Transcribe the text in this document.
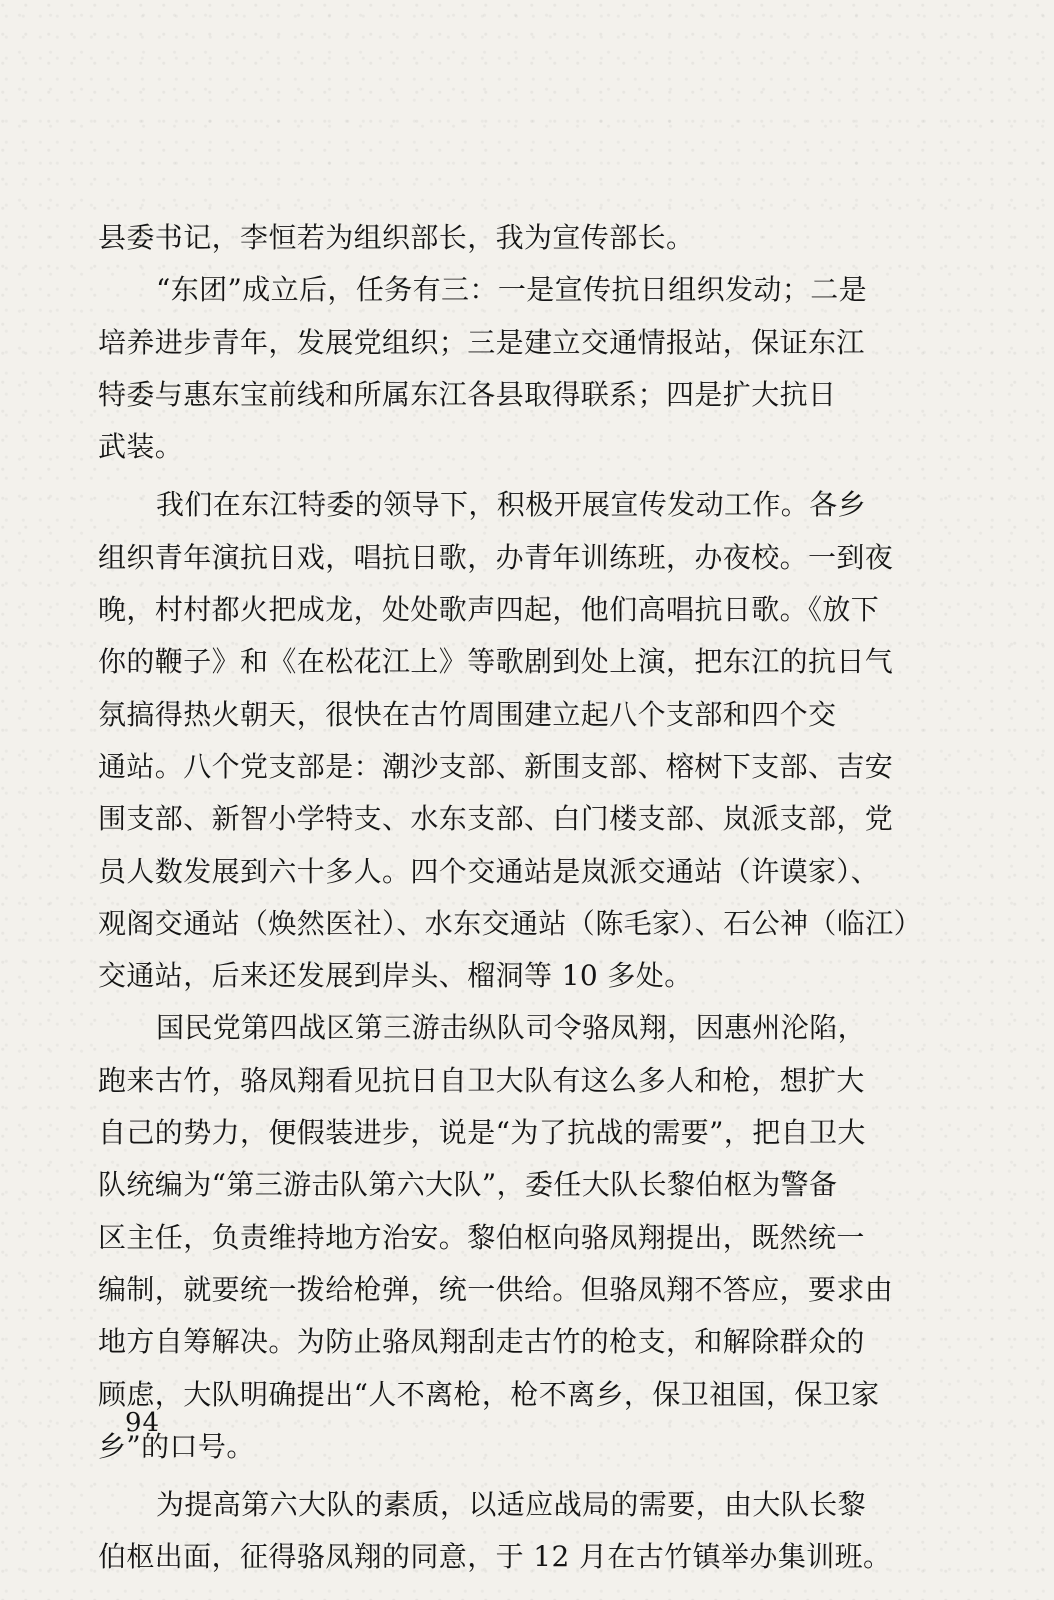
县委书记，李恒若为组织部长，我为宣传部长。
“东团”成立后，任务有三：一是宣传抗日组织发动；二是
培养进步青年，发展党组织；三是建立交通情报站，保证东江
特委与惠东宝前线和所属东江各县取得联系；四是扩大抗日
武装。
我们在东江特委的领导下，积极开展宣传发动工作。各乡
组织青年演抗日戏，唱抗日歌，办青年训练班，办夜校。一到夜
晚，村村都火把成龙，处处歌声四起，他们高唱抗日歌。《放下
你的鞭子》和《在松花江上》等歌剧到处上演，把东江的抗日气
氛搞得热火朝天，很快在古竹周围建立起八个支部和四个交
通站。八个党支部是：潮沙支部、新围支部、榕树下支部、吉安
围支部、新智小学特支、水东支部、白门楼支部、岚派支部，党
员人数发展到六十多人。四个交通站是岚派交通站（许谟家）、
观阁交通站（焕然医社）、水东交通站（陈毛家）、石公神（临江）
交通站，后来还发展到岸头、榴洞等 10 多处。
国民党第四战区第三游击纵队司令骆凤翔，因惠州沦陷，
跑来古竹，骆凤翔看见抗日自卫大队有这么多人和枪，想扩大
自己的势力，便假装进步，说是“为了抗战的需要”，把自卫大
队统编为“第三游击队第六大队”，委任大队长黎伯枢为警备
区主任，负责维持地方治安。黎伯枢向骆凤翔提出，既然统一
编制，就要统一拨给枪弹，统一供给。但骆凤翔不答应，要求由
地方自筹解决。为防止骆凤翔刮走古竹的枪支，和解除群众的
顾虑，大队明确提出“人不离枪，枪不离乡，保卫祖国，保卫家
乡”的口号。
为提高第六大队的素质，以适应战局的需要，由大队长黎
伯枢出面，征得骆凤翔的同意，于 12 月在古竹镇举办集训班。
94
